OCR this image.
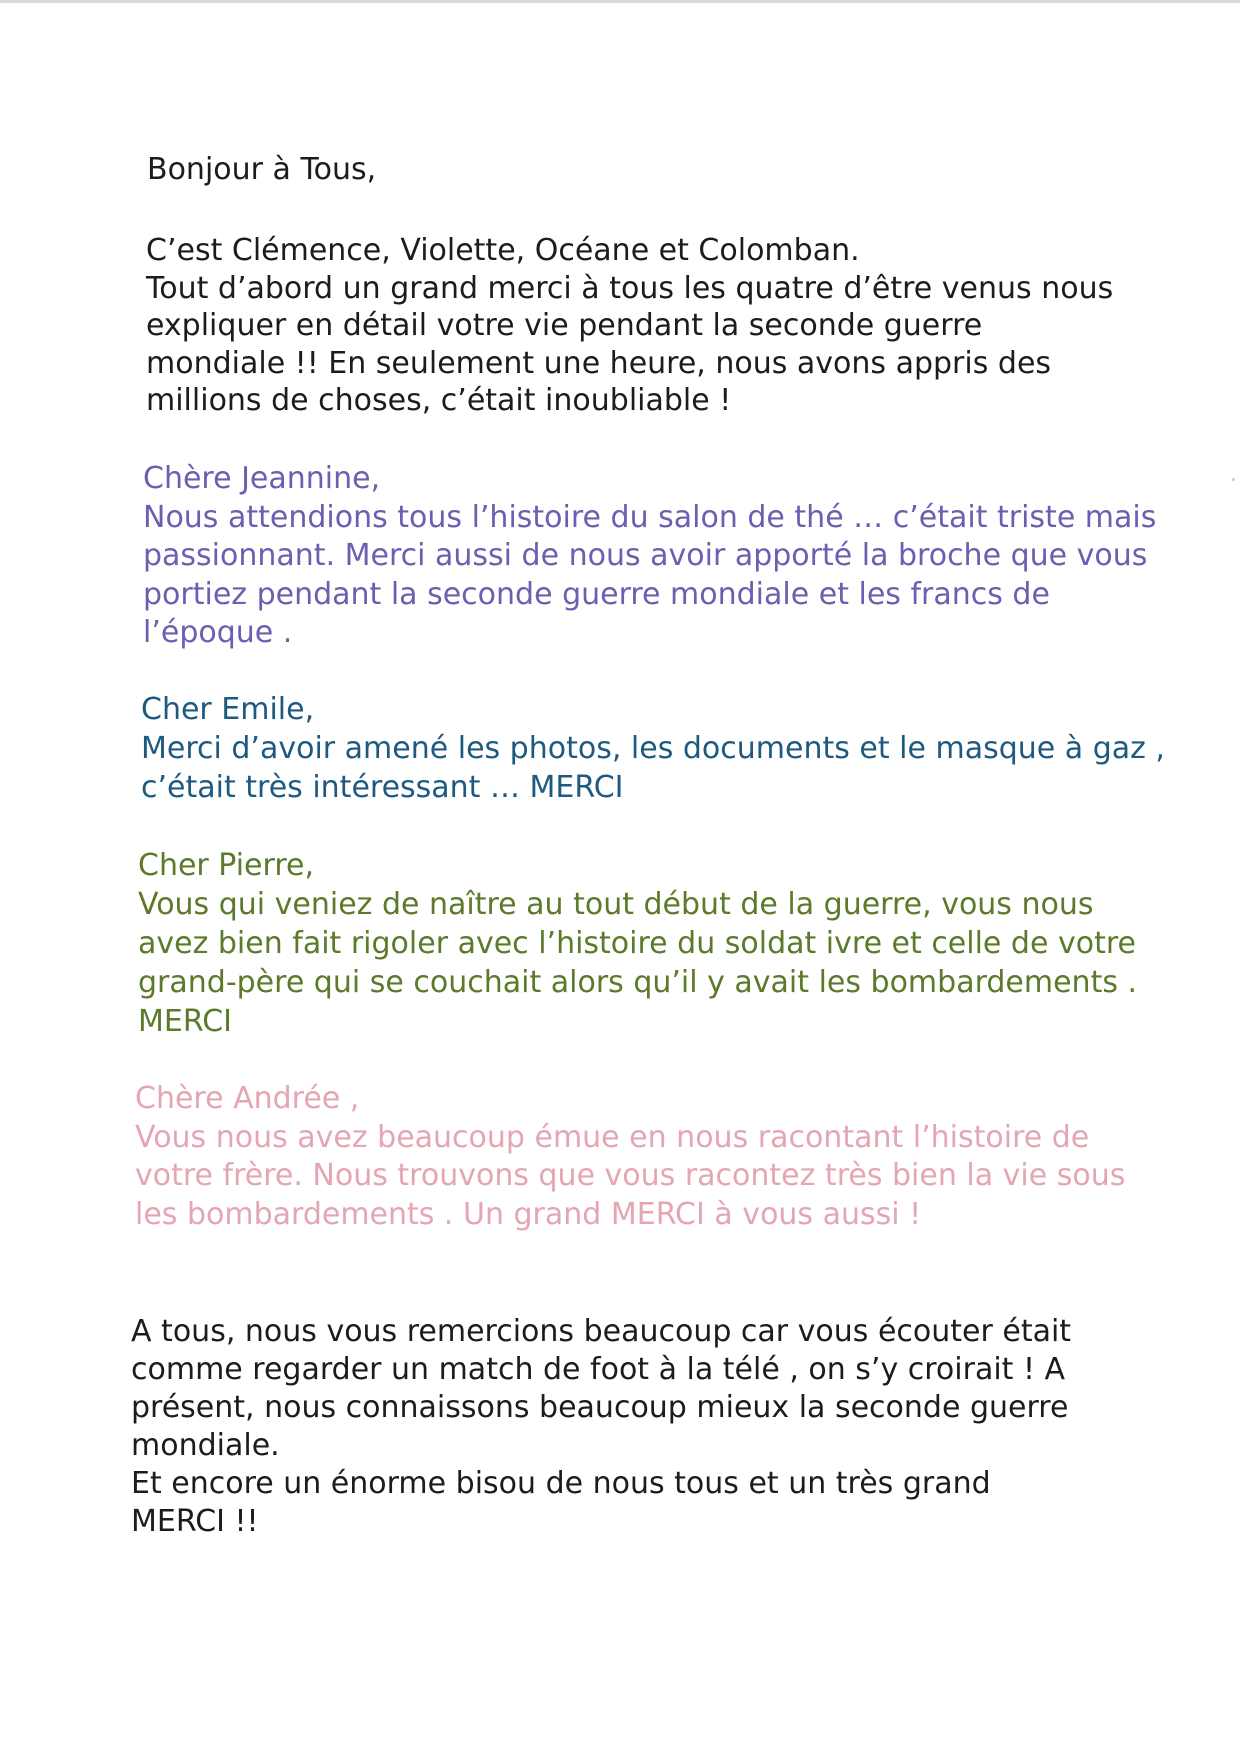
Bonjour à Tous,

C’est Clémence, Violette, Océane et Colomban.

Tout d’abord un grand merci à tous les quatre d’être venus nous

expliquer en détail votre vie pendant la seconde guerre

mondiale !! En seulement une heure, nous avons appris des

millions de choses, c’était inoubliable !

Chère Jeannine,

Nous attendions tous l’histoire du salon de thé … c’était triste mais

passionnant. Merci aussi de nous avoir apporté la broche que vous

portiez pendant la seconde guerre mondiale et les francs de

l’époque .

Cher Emile,

Merci d’avoir amené les photos, les documents et le masque à gaz ,

c’était très intéressant … MERCI

Cher Pierre,

Vous qui veniez de naître au tout début de la guerre, vous nous

avez bien fait rigoler avec l’histoire du soldat ivre et celle de votre

grand-père qui se couchait alors qu’il y avait les bombardements .

MERCI

Chère Andrée ,

Vous nous avez beaucoup émue en nous racontant l’histoire de

votre frère. Nous trouvons que vous racontez très bien la vie sous

les bombardements . Un grand MERCI à vous aussi !

A tous, nous vous remercions beaucoup car vous écouter était

comme regarder un match de foot à la télé , on s’y croirait ! A

présent, nous connaissons beaucoup mieux la seconde guerre

mondiale.

Et encore un énorme bisou de nous tous et un très grand

MERCI !!
